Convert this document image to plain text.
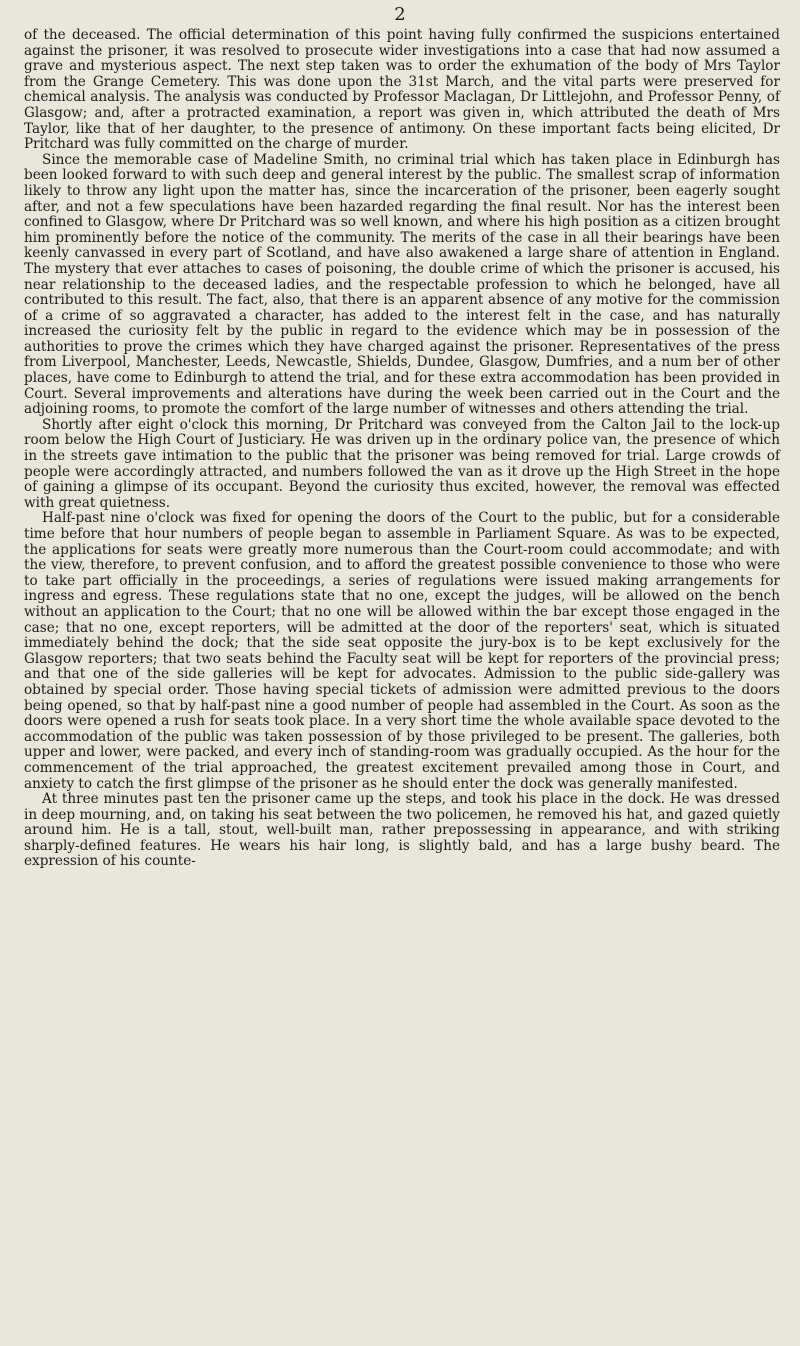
2

of the deceased. The official determination of this point having fully confirmed the suspicions entertained against the prisoner, it was resolved to prosecute wider investigations into a case that had now assumed a grave and mysterious aspect. The next step taken was to order the exhumation of the body of Mrs Taylor from the Grange Cemetery. This was done upon the 31st March, and the vital parts were preserved for chemical analysis. The analysis was conducted by Professor Maclagan, Dr Littlejohn, and Professor Penny, of Glasgow; and, after a protracted examination, a report was given in, which attributed the death of Mrs Taylor, like that of her daughter, to the presence of antimony. On these important facts being elicited, Dr Pritchard was fully committed on the charge of murder.

Since the memorable case of Madeline Smith, no criminal trial which has taken place in Edinburgh has been looked forward to with such deep and general interest by the public. The smallest scrap of information likely to throw any light upon the matter has, since the incarceration of the prisoner, been eagerly sought after, and not a few speculations have been hazarded regarding the final result. Nor has the interest been confined to Glasgow, where Dr Pritchard was so well known, and where his high position as a citizen brought him prominently before the notice of the community. The merits of the case in all their bearings have been keenly canvassed in every part of Scotland, and have also awakened a large share of attention in England. The mystery that ever attaches to cases of poisoning, the double crime of which the prisoner is accused, his near relationship to the deceased ladies, and the respectable profession to which he belonged, have all contributed to this result. The fact, also, that there is an apparent absence of any motive for the commission of a crime of so aggravated a character, has added to the interest felt in the case, and has naturally increased the curiosity felt by the public in regard to the evidence which may be in possession of the authorities to prove the crimes which they have charged against the prisoner. Representatives of the press from Liverpool, Manchester, Leeds, Newcastle, Shields, Dundee, Glasgow, Dumfries, and a num ber of other places, have come to Edinburgh to attend the trial, and for these extra accommodation has been provided in Court. Several improvements and alterations have during the week been carried out in the Court and the adjoining rooms, to promote the comfort of the large number of witnesses and others attending the trial.

Shortly after eight o'clock this morning, Dr Pritchard was conveyed from the Calton Jail to the lock-up room below the High Court of Justiciary. He was driven up in the ordinary police van, the presence of which in the streets gave intimation to the public that the prisoner was being removed for trial. Large crowds of people were accordingly attracted, and numbers followed the van as it drove up the High Street in the hope of gaining a glimpse of its occupant. Beyond the curiosity thus excited, however, the removal was effected with great quietness.

Half-past nine o'clock was fixed for opening the doors of the Court to the public, but for a considerable time before that hour numbers of people began to assemble in Parliament Square. As was to be expected, the applications for seats were greatly more numerous than the Court-room could accommodate; and with the view, therefore, to prevent confusion, and to afford the greatest possible convenience to those who were to take part officially in the proceedings, a series of regulations were issued making arrangements for ingress and egress. These regulations state that no one, except the judges, will be allowed on the bench without an application to the Court; that no one will be allowed within the bar except those engaged in the case; that no one, except reporters, will be admitted at the door of the reporters' seat, which is situated immediately behind the dock; that the side seat opposite the jury-box is to be kept exclusively for the Glasgow reporters; that two seats behind the Faculty seat will be kept for reporters of the provincial press; and that one of the side galleries will be kept for advocates. Admission to the public side-gallery was obtained by special order. Those having special tickets of admission were admitted previous to the doors being opened, so that by half-past nine a good number of people had assembled in the Court. As soon as the doors were opened a rush for seats took place. In a very short time the whole available space devoted to the accommodation of the public was taken possession of by those privileged to be present. The galleries, both upper and lower, were packed, and every inch of standing-room was gradually occupied. As the hour for the commencement of the trial approached, the greatest excitement prevailed among those in Court, and anxiety to catch the first glimpse of the prisoner as he should enter the dock was generally manifested.

At three minutes past ten the prisoner came up the steps, and took his place in the dock. He was dressed in deep mourning, and, on taking his seat between the two policemen, he removed his hat, and gazed quietly around him. He is a tall, stout, well-built man, rather prepossessing in appearance, and with striking sharply-defined features. He wears his hair long, is slightly bald, and has a large bushy beard. The expression of his counte-
